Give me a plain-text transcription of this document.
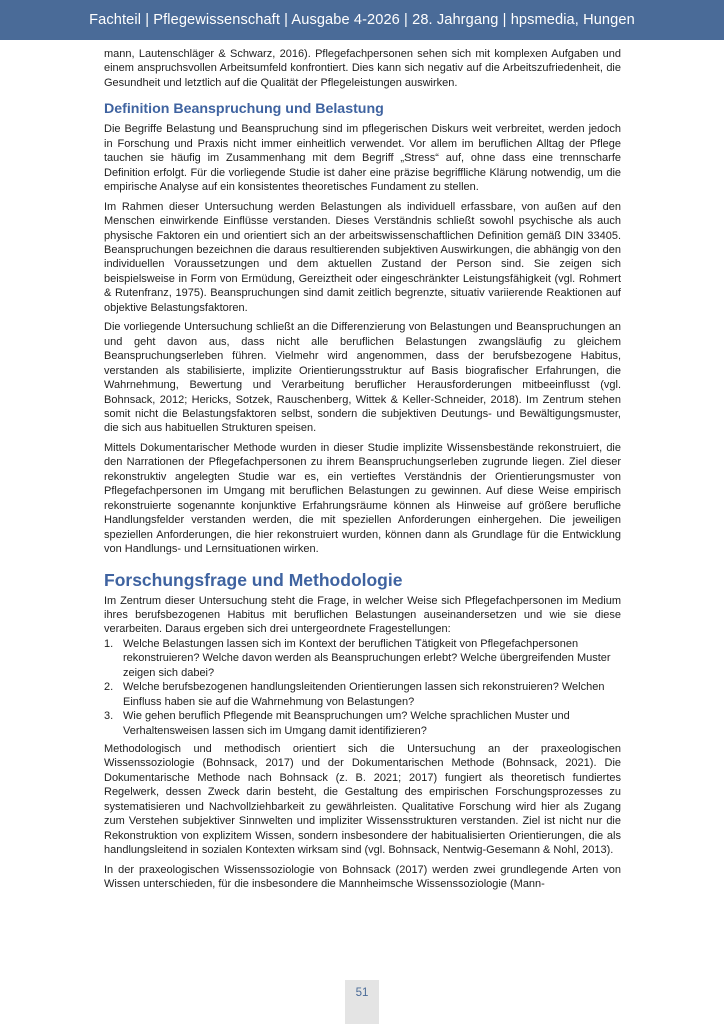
Fachteil | Pflegewissenschaft | Ausgabe 4-2026 | 28. Jahrgang | hpsmedia, Hungen

mann, Lautenschläger & Schwarz, 2016). Pflegefachpersonen sehen sich mit komplexen Aufgaben und einem anspruchsvollen Arbeitsumfeld konfrontiert. Dies kann sich negativ auf die Arbeitszufriedenheit, die Gesundheit und letztlich auf die Qualität der Pflegeleistungen auswirken.

Definition Beanspruchung und Belastung

Die Begriffe Belastung und Beanspruchung sind im pflegerischen Diskurs weit verbreitet, werden jedoch in Forschung und Praxis nicht immer einheitlich verwendet. Vor allem im beruflichen Alltag der Pflege tauchen sie häufig im Zusammenhang mit dem Begriff „Stress“ auf, ohne dass eine trennscharfe Definition erfolgt. Für die vorliegende Studie ist daher eine präzise begriffliche Klärung notwendig, um die empirische Analyse auf ein konsistentes theoretisches Fundament zu stellen.

Im Rahmen dieser Untersuchung werden Belastungen als individuell erfassbare, von außen auf den Menschen einwirkende Einflüsse verstanden. Dieses Verständnis schließt sowohl psychische als auch physische Faktoren ein und orientiert sich an der arbeitswissenschaftlichen Definition gemäß DIN 33405. Beanspruchungen bezeichnen die daraus resultierenden subjektiven Auswirkungen, die abhängig von den individuellen Voraussetzungen und dem aktuellen Zustand der Person sind. Sie zeigen sich beispielsweise in Form von Ermüdung, Gereiztheit oder eingeschränkter Leistungsfähigkeit (vgl. Rohmert & Rutenfranz, 1975). Beanspruchungen sind damit zeitlich begrenzte, situativ variierende Reaktionen auf objektive Belastungsfaktoren.

Die vorliegende Untersuchung schließt an die Differenzierung von Belastungen und Beanspruchungen an und geht davon aus, dass nicht alle beruflichen Belastungen zwangsläufig zu gleichem Beanspruchungserleben führen. Vielmehr wird angenommen, dass der berufsbezogene Habitus, verstanden als stabilisierte, implizite Orientierungsstruktur auf Basis biografischer Erfahrungen, die Wahrnehmung, Bewertung und Verarbeitung beruflicher Herausforderungen mitbeeinflusst (vgl. Bohnsack, 2012; Hericks, Sotzek, Rauschenberg, Wittek & Keller-Schneider, 2018). Im Zentrum stehen somit nicht die Belastungsfaktoren selbst, sondern die subjektiven Deutungs- und Bewältigungsmuster, die sich aus habituellen Strukturen speisen.

Mittels Dokumentarischer Methode wurden in dieser Studie implizite Wissensbestände rekonstruiert, die den Narrationen der Pflegefachpersonen zu ihrem Beanspruchungserleben zugrunde liegen. Ziel dieser rekonstruktiv angelegten Studie war es, ein vertieftes Verständnis der Orientierungsmuster von Pflegefachpersonen im Umgang mit beruflichen Belastungen zu gewinnen. Auf diese Weise empirisch rekonstruierte sogenannte konjunktive Erfahrungsräume können als Hinweise auf größere berufliche Handlungsfelder verstanden werden, die mit speziellen Anforderungen einhergehen. Die jeweiligen speziellen Anforderungen, die hier rekonstruiert wurden, können dann als Grundlage für die Entwicklung von Handlungs- und Lernsituationen wirken.

Forschungsfrage und Methodologie

Im Zentrum dieser Untersuchung steht die Frage, in welcher Weise sich Pflegefachpersonen im Medium ihres berufsbezogenen Habitus mit beruflichen Belastungen auseinandersetzen und wie sie diese verarbeiten. Daraus ergeben sich drei untergeordnete Fragestellungen:

1. Welche Belastungen lassen sich im Kontext der beruflichen Tätigkeit von Pflegefachpersonen rekonstruieren? Welche davon werden als Beanspruchungen erlebt? Welche übergreifenden Muster zeigen sich dabei?
2. Welche berufsbezogenen handlungsleitenden Orientierungen lassen sich rekonstruieren? Welchen Einfluss haben sie auf die Wahrnehmung von Belastungen?
3. Wie gehen beruflich Pflegende mit Beanspruchungen um? Welche sprachlichen Muster und Verhaltensweisen lassen sich im Umgang damit identifizieren?

Methodologisch und methodisch orientiert sich die Untersuchung an der praxeologischen Wissenssoziologie (Bohnsack, 2017) und der Dokumentarischen Methode (Bohnsack, 2021). Die Dokumentarische Methode nach Bohnsack (z. B. 2021; 2017) fungiert als theoretisch fundiertes Regelwerk, dessen Zweck darin besteht, die Gestaltung des empirischen Forschungsprozesses zu systematisieren und Nachvollziehbarkeit zu gewährleisten. Qualitative Forschung wird hier als Zugang zum Verstehen subjektiver Sinnwelten und impliziter Wissensstrukturen verstanden. Ziel ist nicht nur die Rekonstruktion von explizitem Wissen, sondern insbesondere der habitualisierten Orientierungen, die als handlungsleitend in sozialen Kontexten wirksam sind (vgl. Bohnsack, Nentwig-Gesemann & Nohl, 2013).

In der praxeologischen Wissenssoziologie von Bohnsack (2017) werden zwei grundlegende Arten von Wissen unterschieden, für die insbesondere die Mannheimsche Wissenssoziologie (Mann-

51
